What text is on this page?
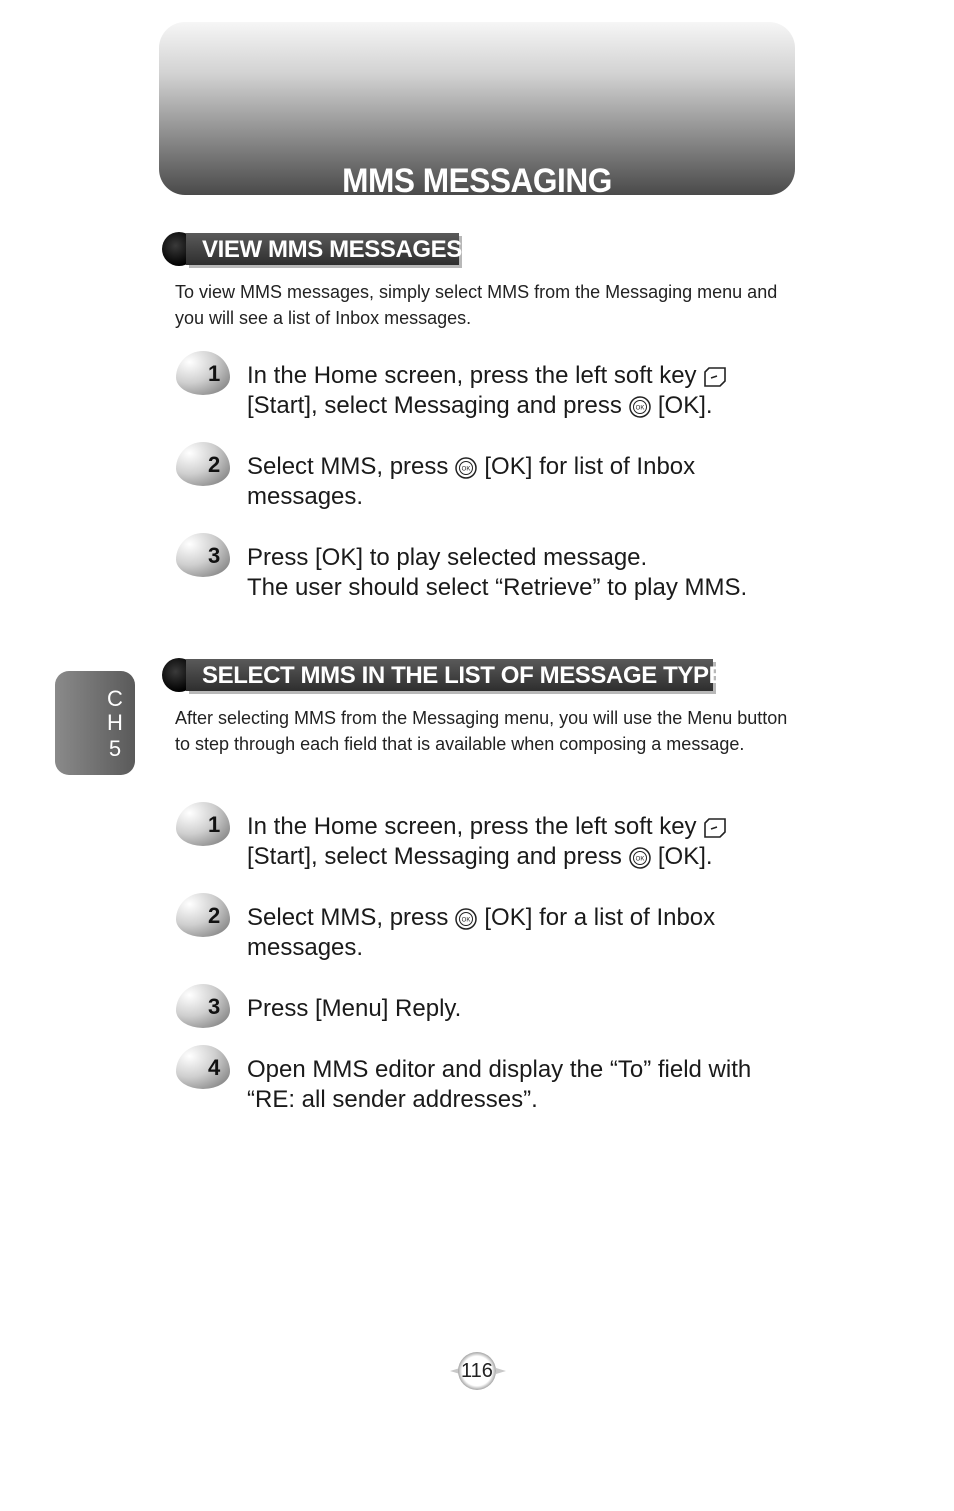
MMS MESSAGING
VIEW MMS MESSAGES
To view MMS messages, simply select MMS from the Messaging menu and you will see a list of Inbox messages.
1 In the Home screen, press the left soft key
[Start], select Messaging and press OK [OK].
2 Select MMS, press OK [OK] for list of Inbox
messages.
3 Press [OK] to play selected message.
The user should select “Retrieve” to play MMS.
C
H
5
SELECT MMS IN THE LIST OF MESSAGE TYPE
After selecting MMS from the Messaging menu, you will use the Menu button to step through each field that is available when composing a message.
1 In the Home screen, press the left soft key
[Start], select Messaging and press OK [OK].
2 Select MMS, press OK [OK] for a list of Inbox
messages.
3 Press [Menu] Reply.
4 Open MMS editor and display the “To” field with
“RE: all sender addresses”.
116
